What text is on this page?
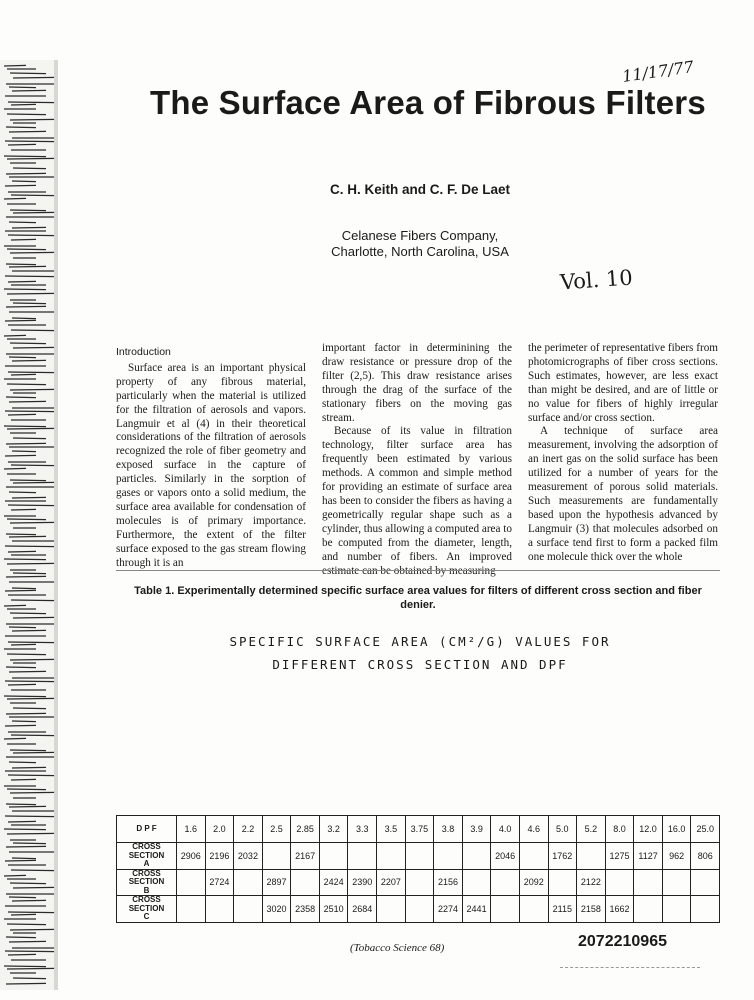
11/17/77
The Surface Area of Fibrous Filters
C. H. Keith and C. F. De Laet
Celanese Fibers Company,
Charlotte, North Carolina, USA
Vol. 10

Introduction

Surface area is an important physical property of any fibrous material, particularly when the material is utilized for the filtration of aerosols and vapors. Langmuir et al (4) in their theoretical considerations of the filtration of aerosols recognized the role of fiber geometry and exposed surface in the capture of particles. Similarly in the sorption of gases or vapors onto a solid medium, the surface area available for condensation of molecules is of primary importance. Furthermore, the extent of the filter surface exposed to the gas stream flowing through it is an

important factor in determinining the draw resistance or pressure drop of the filter (2,5). This draw resistance arises through the drag of the surface of the stationary fibers on the moving gas stream.

Because of its value in filtration technology, filter surface area has frequently been estimated by various methods. A common and simple method for providing an estimate of surface area has been to consider the fibers as having a geometrically regular shape such as a cylinder, thus allowing a computed area to be computed from the diameter, length, and number of fibers. An improved estimate can be obtained by measuring

the perimeter of representative fibers from photomicrographs of fiber cross sections. Such estimates, however, are less exact than might be desired, and are of little or no value for fibers of highly irregular surface and/or cross section.

A technique of surface area measurement, involving the adsorption of an inert gas on the solid surface has been utilized for a number of years for the measurement of porous solid materials. Such measurements are fundamentally based upon the hypothesis advanced by Langmuir (3) that molecules adsorbed on a surface tend first to form a packed film one molecule thick over the whole

Table 1. Experimentally determined specific surface area values for filters of different cross section and fiber denier.
SPECIFIC SURFACE AREA (CM²/G) VALUES FOR
DIFFERENT CROSS SECTION AND DPF
D P F	1.6	2.0	2.2	2.5	2.85	3.2	3.3	3.5	3.75	3.8	3.9	4.0	4.6	5.0	5.2	8.0	12.0	16.0	25.0

CROSS
SECTION
A	2906	2196	2032		2167							2046		1762		1275	1127	962	806

CROSS
SECTION
B		2724		2897		2424	2390	2207		2156			2092		2122				

CROSS
SECTION
C				3020	2358	2510	2684			2274	2441			2115	2158	1662			
(Tobacco Science 68)	2072210965
